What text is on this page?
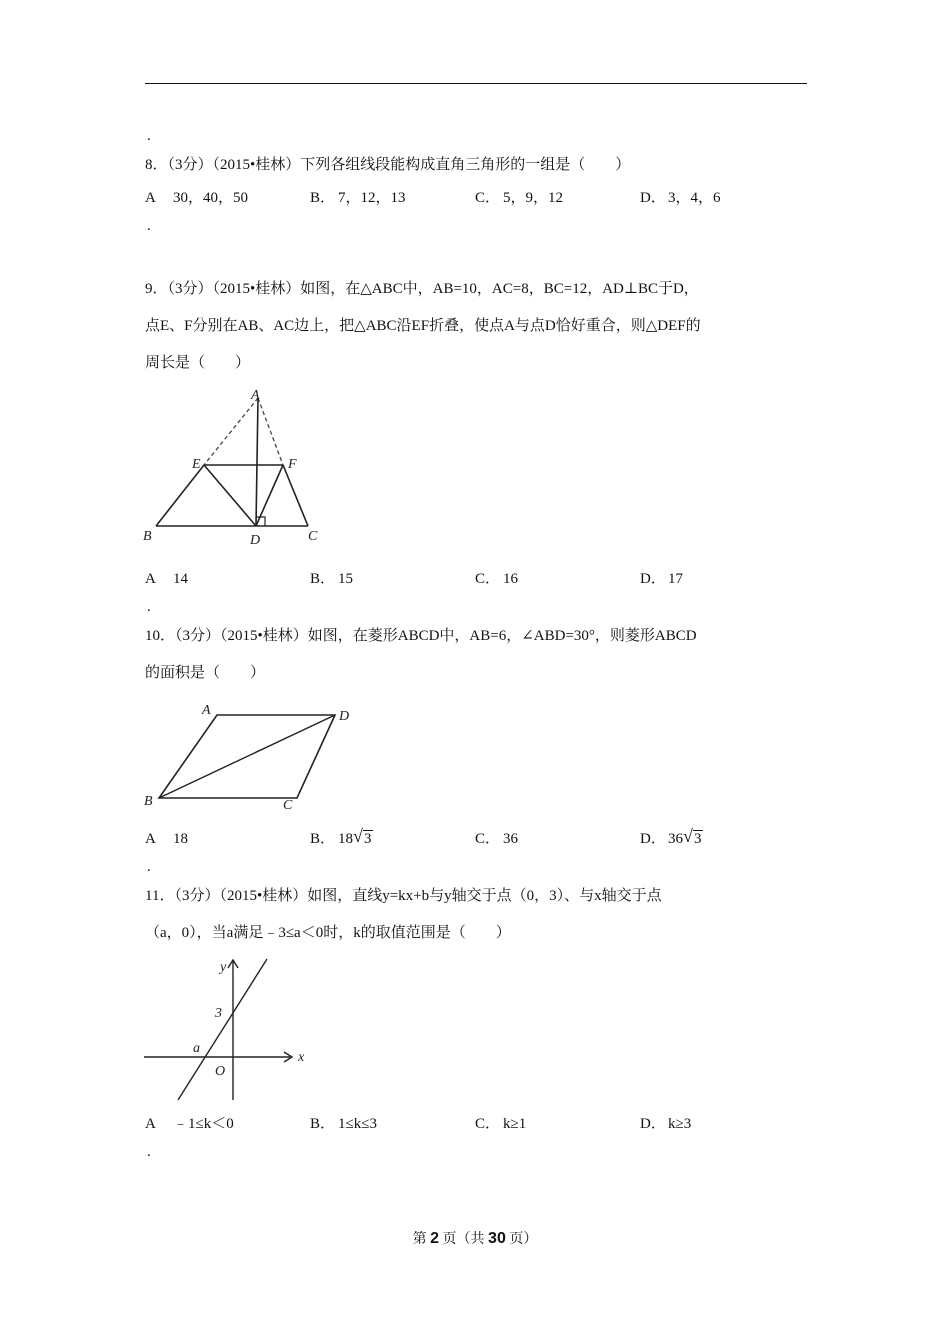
.
8．（3分）（2015•桂林）下列各组线段能构成直角三角形的一组是（　　）
A 30，40，50	B． 7，12，13	C． 5，9，12	D． 3，4，6
.
9．（3分）（2015•桂林）如图，在△ABC中，AB=10，AC=8，BC=12，AD⊥BC于D，
点E、F分别在AB、AC边上，把△ABC沿EF折叠，使点A与点D恰好重合，则△DEF的
周长是（　　）
A
E	F
B	D	C
A 14	B． 15	C． 16	D． 17
.
10．（3分）（2015•桂林）如图，在菱形ABCD中，AB=6，∠ABD=30°，则菱形ABCD
的面积是（　　）
A	D
B	C
A 18	B． 18 √ 3	C． 36	D． 36 √ 3
.
11．（3分）（2015•桂林）如图，直线y=kx+b与y轴交于点（0，3）、与x轴交于点
（a，0），当a满足﹣3≤a＜0时，k的取值范围是（　　）
y
x
3
a
O
A ﹣1≤k＜0	B． 1≤k≤3	C． k≥1	D． k≥3
.
第 2 页（共 30 页）
